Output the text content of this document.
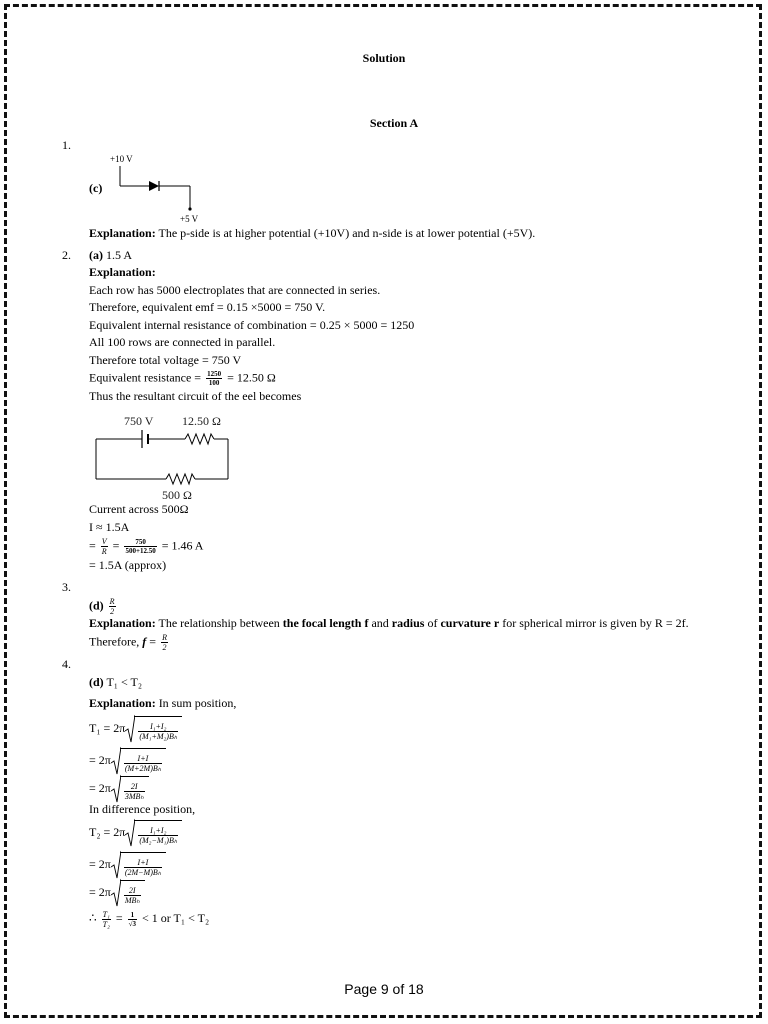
Solution
Section A
1.
(c)
+10 V
+5 V
Explanation: The p-side is at higher potential (+10V) and n-side is at lower potential (+5V).
2. (a) 1.5 A
Explanation:
Each row has 5000 electroplates that are connected in series.
Therefore, equivalent emf = 0.15 ×5000 = 750 V.
Equivalent internal resistance of combination = 0.25 × 5000 = 1250
All 100 rows are connected in parallel.
Therefore total voltage = 750 V
Equivalent resistance = $\frac{1250}{100} = 12.50$ Ω
Thus the resultant circuit of the eel becomes
750 V 12.50 Ω
500 Ω
Current across 500Ω
I ≈ 1.5A
= $\frac{V}{R} = \frac{750}{500+12.50} = 1.46$ A
= 1.5A (approx)
3.
$(d) \frac{R}{2}$
Explanation: The relationship between the focal length f and radius of curvature r for spherical mirror is given by R = 2f.
Therefore, $f = \frac{R}{2}$
4.
(d) T₁ < T₂
Explanation: In sum position,
$T_1 = 2\pi \frac{\text{I₁+I₂}}{\text{(M₁+M₂)Bₕ}}$
= $2\pi \frac{I+I}{\text{(M+2M)Bₕ}}$
= $2\pi \frac{2I}{\text{3MBₕ}}$
In difference position,
$T_2 = 2\pi \frac{\text{I₁+I₂}}{\text{(M₂−M₁)Bₕ}}$
= $2\pi \frac{I+I}{\text{(2M−M)Bₕ}}$
= $2\pi \frac{2I}{\text{MBₕ}}$
∴ $\frac{\text{T₁}}{\text{T₂}} = \frac{1}{√3} < 1$ or T₁ < T₂
Page 9 of 18
